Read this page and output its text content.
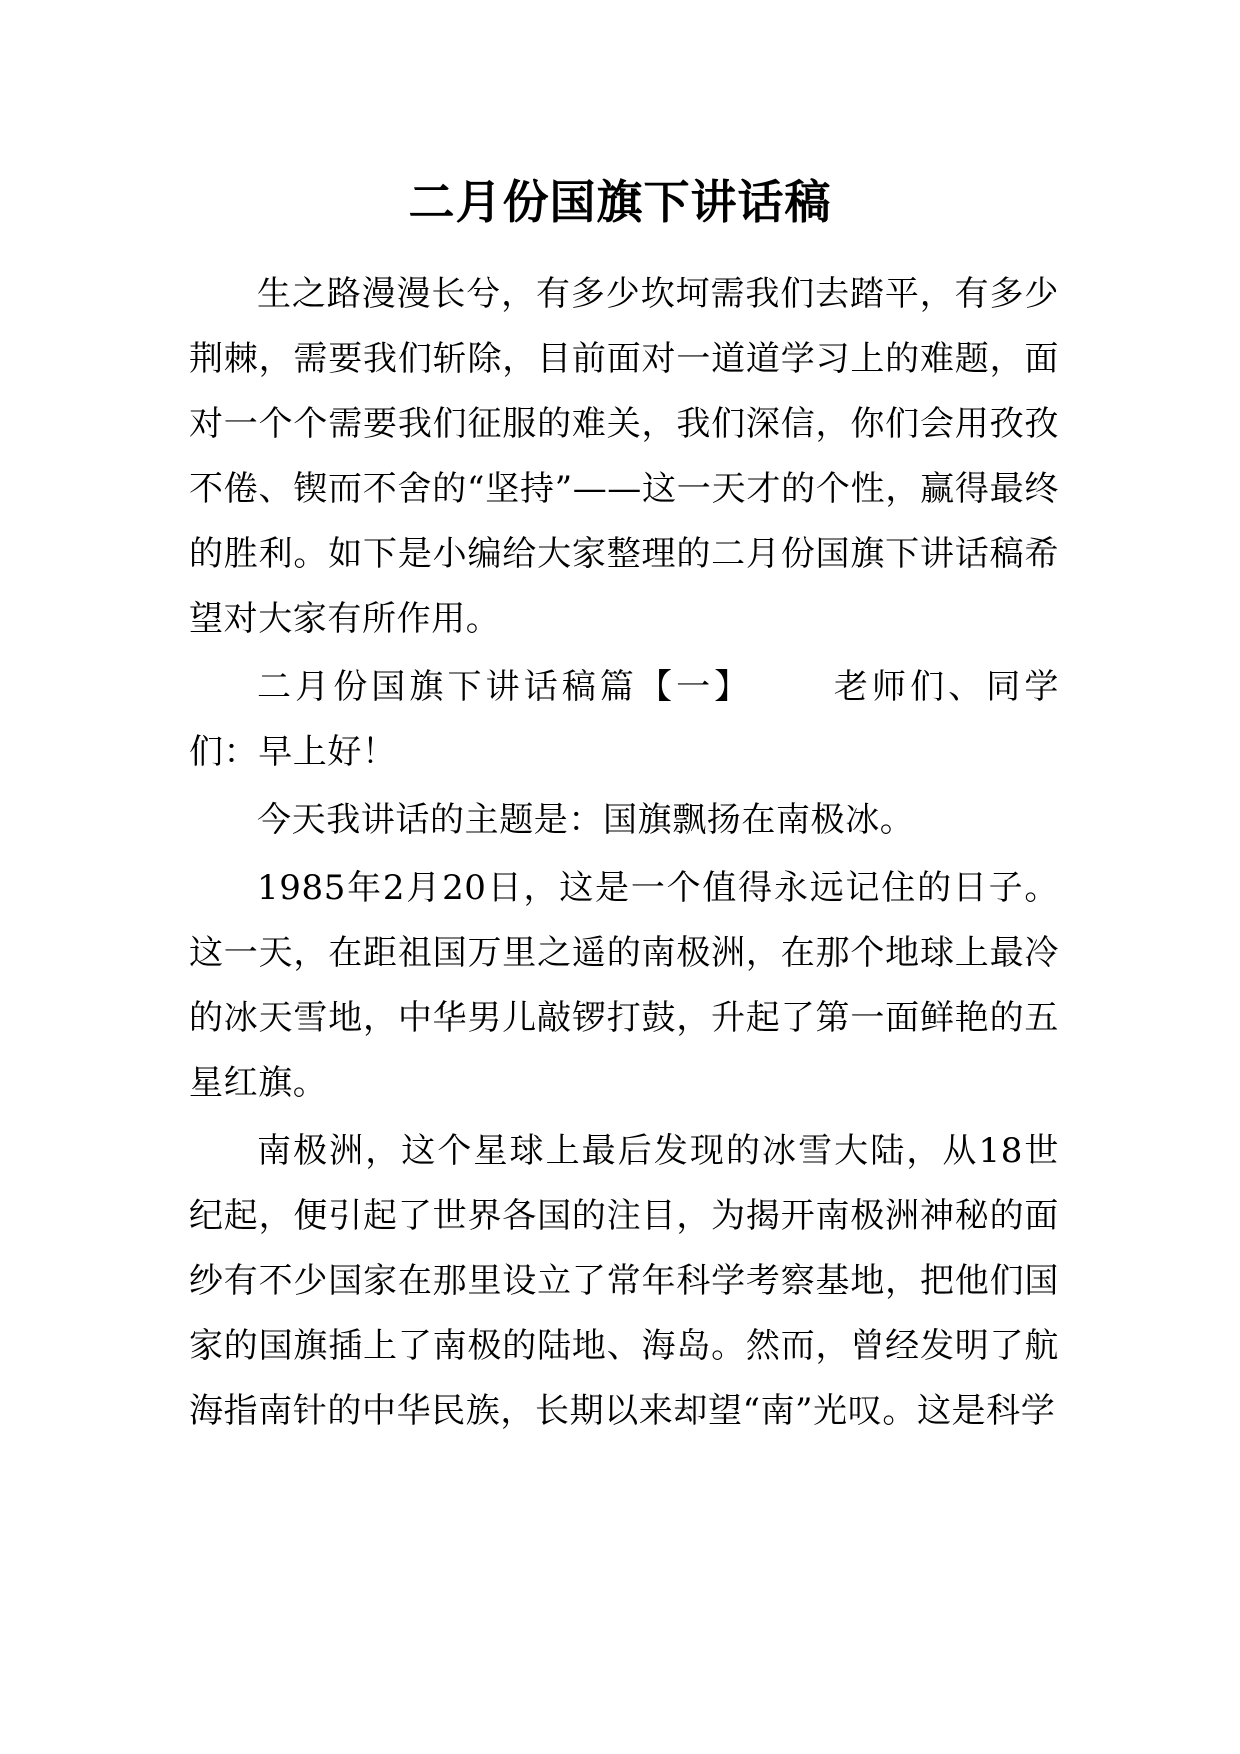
二月份国旗下讲话稿

生之路漫漫长兮，有多少坎坷需我们去踏平，有多少荆棘，需要我们斩除，目前面对一道道学习上的难题，面对一个个需要我们征服的难关，我们深信，你们会用孜孜不倦、锲而不舍的“坚持”——这一天才的个性，赢得最终的胜利。如下是小编给大家整理的二月份国旗下讲话稿希望对大家有所作用。

二月份国旗下讲话稿篇【一】 老师们、同学们：早上好！

今天我讲话的主题是：国旗飘扬在南极冰。

1985年2月20日，这是一个值得永远记住的日子。这一天，在距祖国万里之遥的南极洲，在那个地球上最冷的冰天雪地，中华男儿敲锣打鼓，升起了第一面鲜艳的五星红旗。

南极洲，这个星球上最后发现的冰雪大陆，从18世纪起，便引起了世界各国的注目，为揭开南极洲神秘的面纱有不少国家在那里设立了常年科学考察基地，把他们国家的国旗插上了南极的陆地、海岛。然而，曾经发明了航海指南针的中华民族，长期以来却望“南”光叹。这是科学
